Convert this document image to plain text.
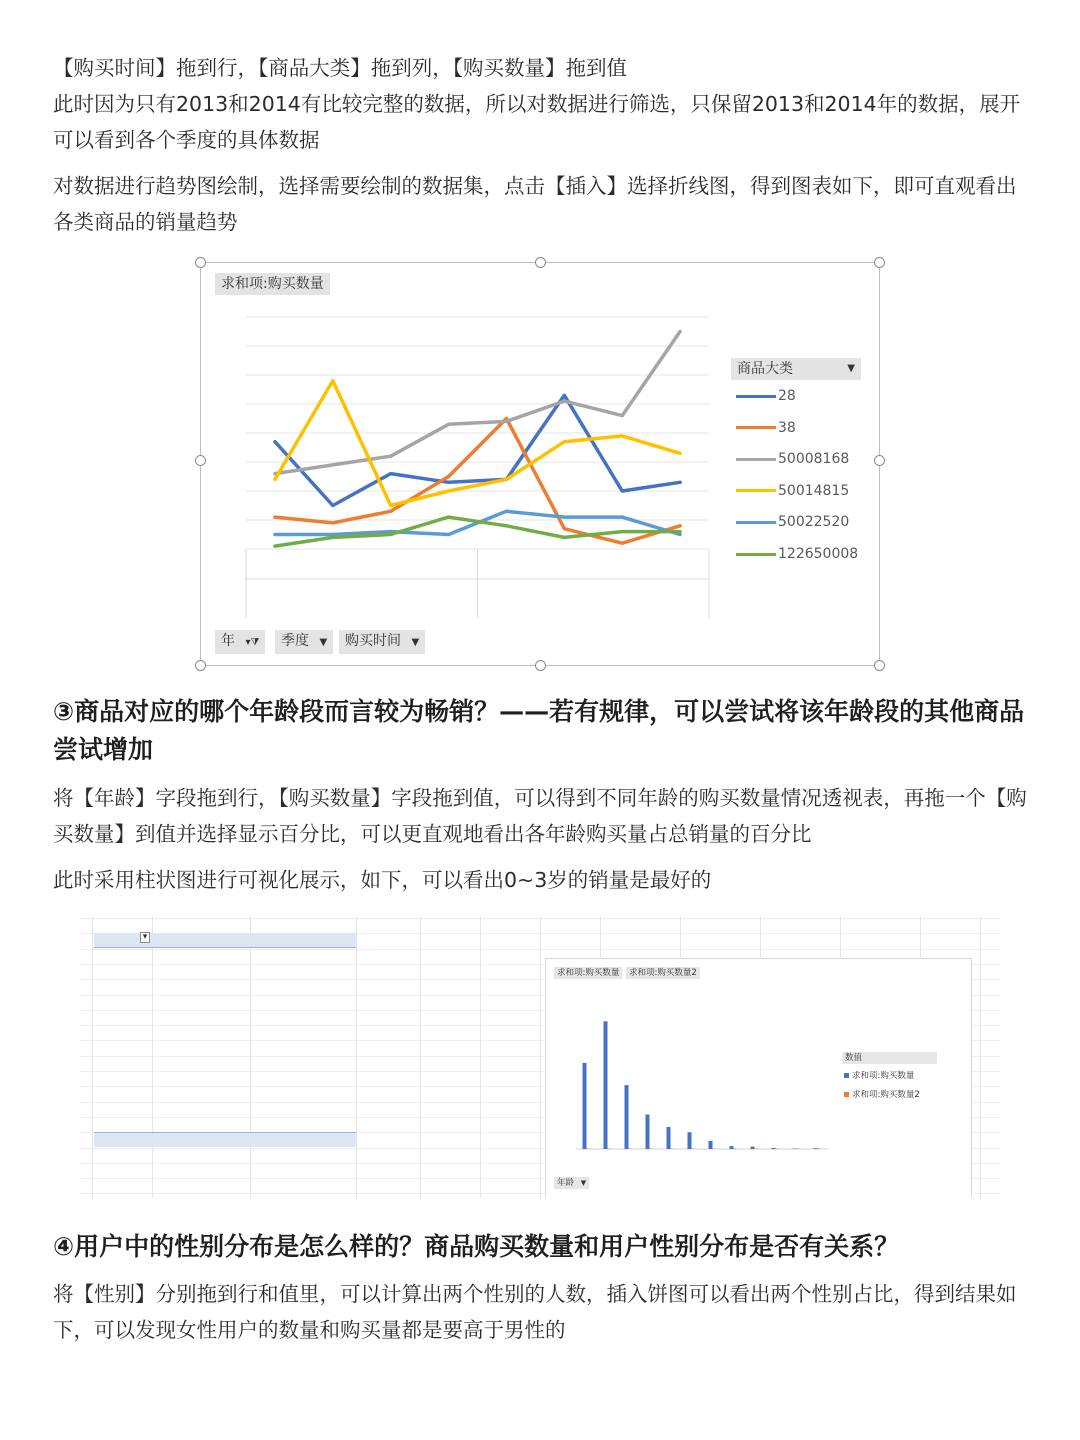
【购买时间】拖到行，【商品大类】拖到列，【购买数量】拖到值

此时因为只有2013和2014有比较完整的数据，所以对数据进行筛选，只保留2013和2014年的数据，展开可以看到各个季度的具体数据

对数据进行趋势图绘制，选择需要绘制的数据集，点击【插入】选择折线图，得到图表如下，即可直观看出各类商品的销量趋势

求和项:购买数量
商品大类	▼
28
38
50008168
50014815
50022520
122650008
年 ▾⧩	季度 ▼	购买时间 ▼

③商品对应的哪个年龄段而言较为畅销？——若有规律，可以尝试将该年龄段的其他商品尝试增加

将【年龄】字段拖到行，【购买数量】字段拖到值，可以得到不同年龄的购买数量情况透视表，再拖一个【购买数量】到值并选择显示百分比，可以更直观地看出各年龄购买量占总销量的百分比

此时采用柱状图进行可视化展示，如下，可以看出0~3岁的销量是最好的

▾
求和项:购买数量	求和项:购买数量2
数值
求和项:购买数量
求和项:购买数量2
年龄 ▼

④用户中的性别分布是怎么样的？商品购买数量和用户性别分布是否有关系？

将【性别】分别拖到行和值里，可以计算出两个性别的人数，插入饼图可以看出两个性别占比，得到结果如下，可以发现女性用户的数量和购买量都是要高于男性的
